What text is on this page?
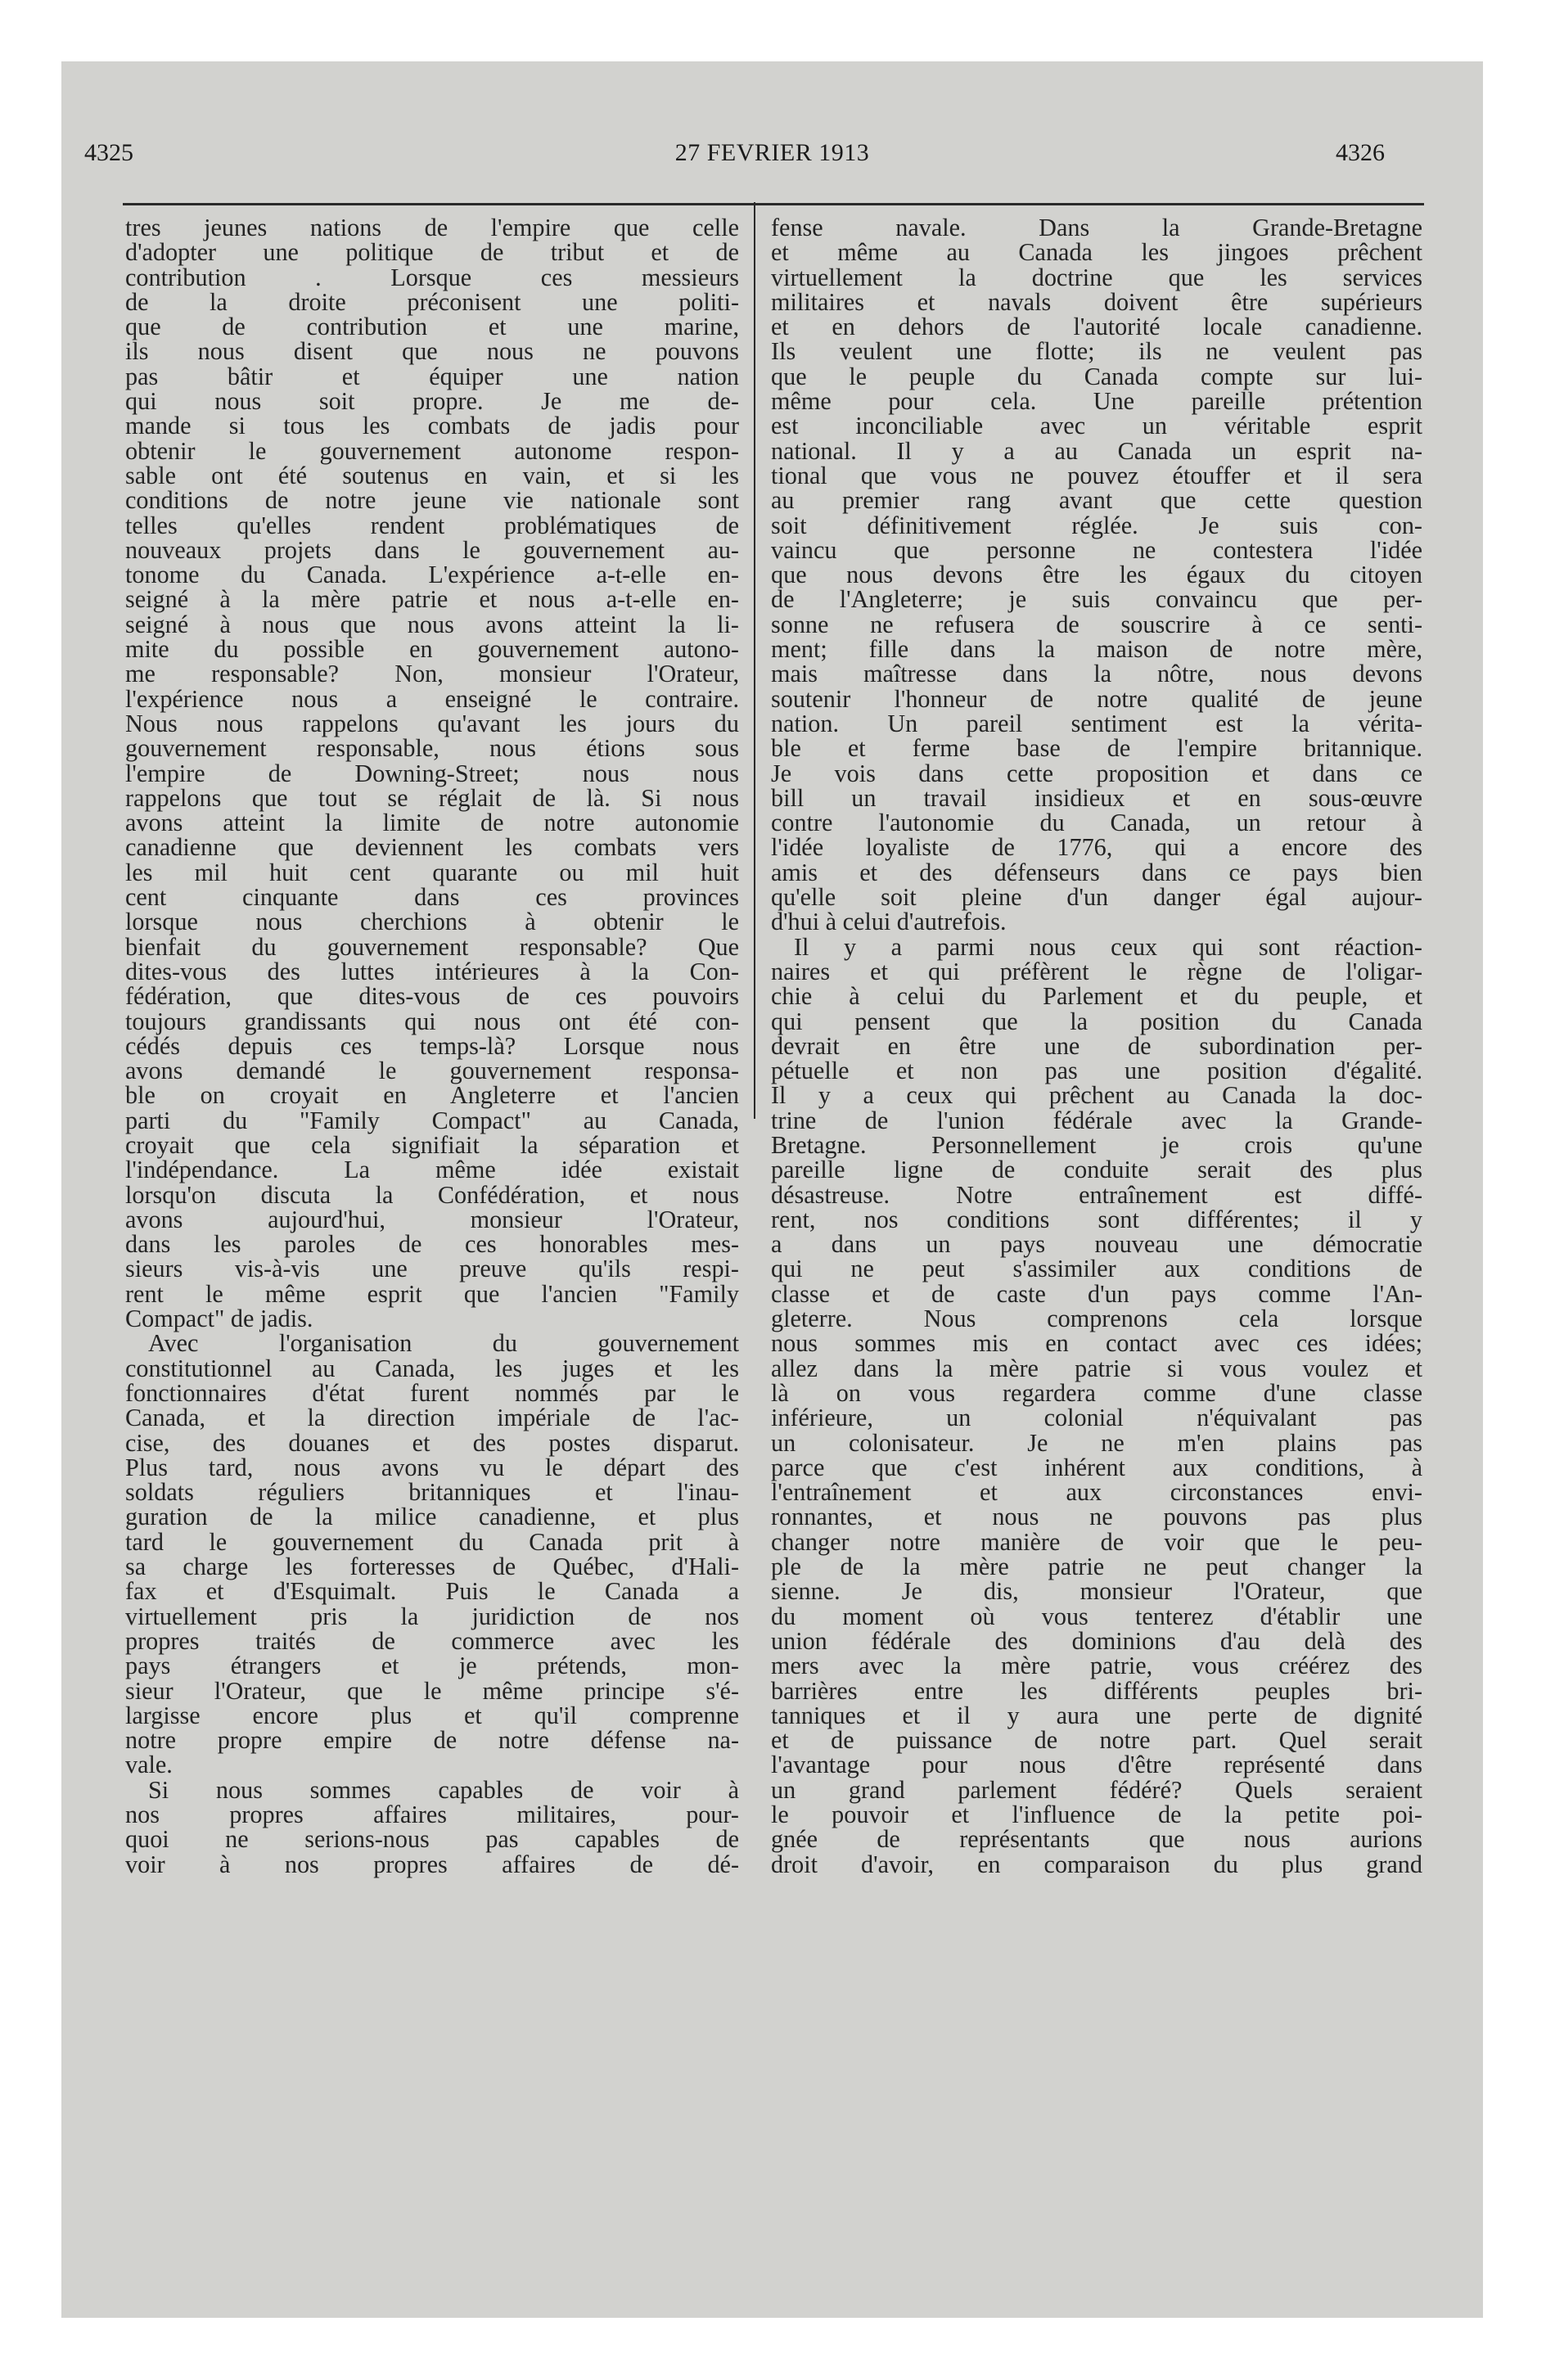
4325	27 FEVRIER 1913	4326
tres jeunes nations de l'empire que celle
d'adopter une politique de tribut et de
contribution . Lorsque ces messieurs
de la droite préconisent une politi-
que de contribution et une marine,
ils nous disent que nous ne pouvons
pas bâtir et équiper une nation
qui nous soit propre. Je me de-
mande si tous les combats de jadis pour
obtenir le gouvernement autonome respon-
sable ont été soutenus en vain, et si les
conditions de notre jeune vie nationale sont
telles qu'elles rendent problématiques de
nouveaux projets dans le gouvernement au-
tonome du Canada. L'expérience a-t-elle en-
seigné à la mère patrie et nous a-t-elle en-
seigné à nous que nous avons atteint la li-
mite du possible en gouvernement autono-
me responsable? Non, monsieur l'Orateur,
l'expérience nous a enseigné le contraire.
Nous nous rappelons qu'avant les jours du
gouvernement responsable, nous étions sous
l'empire de Downing-Street; nous nous
rappelons que tout se réglait de là. Si nous
avons atteint la limite de notre autonomie
canadienne que deviennent les combats vers
les mil huit cent quarante ou mil huit
cent cinquante dans ces provinces
lorsque nous cherchions à obtenir le
bienfait du gouvernement responsable? Que
dites-vous des luttes intérieures à la Con-
fédération, que dites-vous de ces pouvoirs
toujours grandissants qui nous ont été con-
cédés depuis ces temps-là? Lorsque nous
avons demandé le gouvernement responsa-
ble on croyait en Angleterre et l'ancien
parti du "Family Compact" au Canada,
croyait que cela signifiait la séparation et
l'indépendance. La même idée existait
lorsqu'on discuta la Confédération, et nous
avons aujourd'hui, monsieur l'Orateur,
dans les paroles de ces honorables mes-
sieurs vis-à-vis une preuve qu'ils respi-
rent le même esprit que l'ancien "Family
Compact" de jadis.
Avec l'organisation du gouvernement
constitutionnel au Canada, les juges et les
fonctionnaires d'état furent nommés par le
Canada, et la direction impériale de l'ac-
cise, des douanes et des postes disparut.
Plus tard, nous avons vu le départ des
soldats réguliers britanniques et l'inau-
guration de la milice canadienne, et plus
tard le gouvernement du Canada prit à
sa charge les forteresses de Québec, d'Hali-
fax et d'Esquimalt. Puis le Canada a
virtuellement pris la juridiction de nos
propres traités de commerce avec les
pays étrangers et je prétends, mon-
sieur l'Orateur, que le même principe s'é-
largisse encore plus et qu'il comprenne
notre propre empire de notre défense na-
vale.
Si nous sommes capables de voir à
nos propres affaires militaires, pour-
quoi ne serions-nous pas capables de
voir à nos propres affaires de dé-
fense navale. Dans la Grande-Bretagne
et même au Canada les jingoes prêchent
virtuellement la doctrine que les services
militaires et navals doivent être supérieurs
et en dehors de l'autorité locale canadienne.
Ils veulent une flotte; ils ne veulent pas
que le peuple du Canada compte sur lui-
même pour cela. Une pareille prétention
est inconciliable avec un véritable esprit
national. Il y a au Canada un esprit na-
tional que vous ne pouvez étouffer et il sera
au premier rang avant que cette question
soit définitivement réglée. Je suis con-
vaincu que personne ne contestera l'idée
que nous devons être les égaux du citoyen
de l'Angleterre; je suis convaincu que per-
sonne ne refusera de souscrire à ce senti-
ment; fille dans la maison de notre mère,
mais maîtresse dans la nôtre, nous devons
soutenir l'honneur de notre qualité de jeune
nation. Un pareil sentiment est la vérita-
ble et ferme base de l'empire britannique.
Je vois dans cette proposition et dans ce
bill un travail insidieux et en sous-œuvre
contre l'autonomie du Canada, un retour à
l'idée loyaliste de 1776, qui a encore des
amis et des défenseurs dans ce pays bien
qu'elle soit pleine d'un danger égal aujour-
d'hui à celui d'autrefois.
Il y a parmi nous ceux qui sont réaction-
naires et qui préfèrent le règne de l'oligar-
chie à celui du Parlement et du peuple, et
qui pensent que la position du Canada
devrait en être une de subordination per-
pétuelle et non pas une position d'égalité.
Il y a ceux qui prêchent au Canada la doc-
trine de l'union fédérale avec la Grande-
Bretagne. Personnellement je crois qu'une
pareille ligne de conduite serait des plus
désastreuse. Notre entraînement est diffé-
rent, nos conditions sont différentes; il y
a dans un pays nouveau une démocratie
qui ne peut s'assimiler aux conditions de
classe et de caste d'un pays comme l'An-
gleterre. Nous comprenons cela lorsque
nous sommes mis en contact avec ces idées;
allez dans la mère patrie si vous voulez et
là on vous regardera comme d'une classe
inférieure, un colonial n'équivalant pas
un colonisateur. Je ne m'en plains pas
parce que c'est inhérent aux conditions, à
l'entraînement et aux circonstances envi-
ronnantes, et nous ne pouvons pas plus
changer notre manière de voir que le peu-
ple de la mère patrie ne peut changer la
sienne. Je dis, monsieur l'Orateur, que
du moment où vous tenterez d'établir une
union fédérale des dominions d'au delà des
mers avec la mère patrie, vous créérez des
barrières entre les différents peuples bri-
tanniques et il y aura une perte de dignité
et de puissance de notre part. Quel serait
l'avantage pour nous d'être représenté dans
un grand parlement fédéré? Quels seraient
le pouvoir et l'influence de la petite poi-
gnée de représentants que nous aurions
droit d'avoir, en comparaison du plus grand
